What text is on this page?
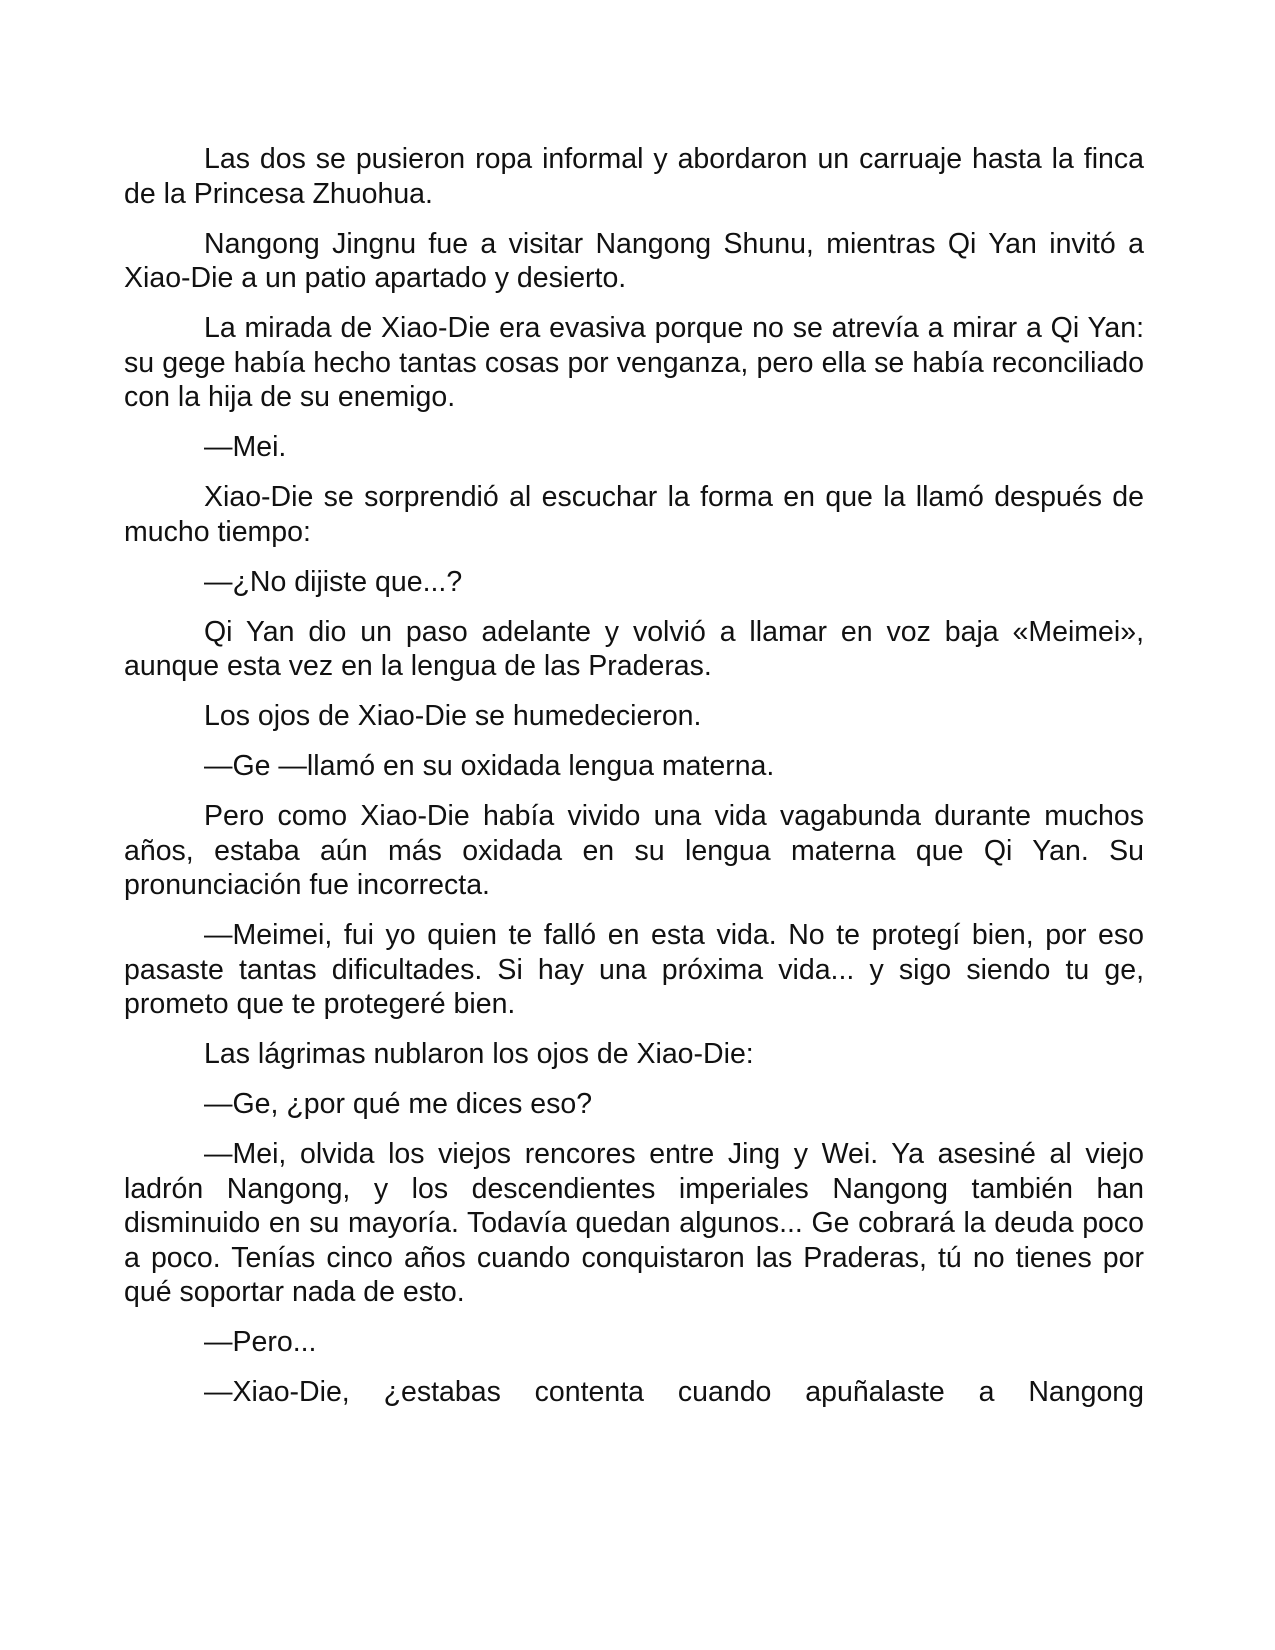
Las dos se pusieron ropa informal y abordaron un carruaje hasta la finca de la Princesa Zhuohua.

Nangong Jingnu fue a visitar Nangong Shunu, mientras Qi Yan invitó a Xiao-Die a un patio apartado y desierto.

La mirada de Xiao-Die era evasiva porque no se atrevía a mirar a Qi Yan: su gege había hecho tantas cosas por venganza, pero ella se había reconciliado con la hija de su enemigo.

—Mei.

Xiao-Die se sorprendió al escuchar la forma en que la llamó después de mucho tiempo:

—¿No dijiste que...?

Qi Yan dio un paso adelante y volvió a llamar en voz baja «Meimei», aunque esta vez en la lengua de las Praderas.

Los ojos de Xiao-Die se humedecieron.

—Ge —llamó en su oxidada lengua materna.

Pero como Xiao-Die había vivido una vida vagabunda durante muchos años, estaba aún más oxidada en su lengua materna que Qi Yan. Su pronunciación fue incorrecta.

—Meimei, fui yo quien te falló en esta vida. No te protegí bien, por eso pasaste tantas dificultades. Si hay una próxima vida... y sigo siendo tu ge, prometo que te protegeré bien.

Las lágrimas nublaron los ojos de Xiao-Die:

—Ge, ¿por qué me dices eso?

—Mei, olvida los viejos rencores entre Jing y Wei. Ya asesiné al viejo ladrón Nangong, y los descendientes imperiales Nangong también han disminuido en su mayoría. Todavía quedan algunos... Ge cobrará la deuda poco a poco. Tenías cinco años cuando conquistaron las Praderas, tú no tienes por qué soportar nada de esto.

—Pero...

—Xiao-Die, ¿estabas contenta cuando apuñalaste a Nangong
